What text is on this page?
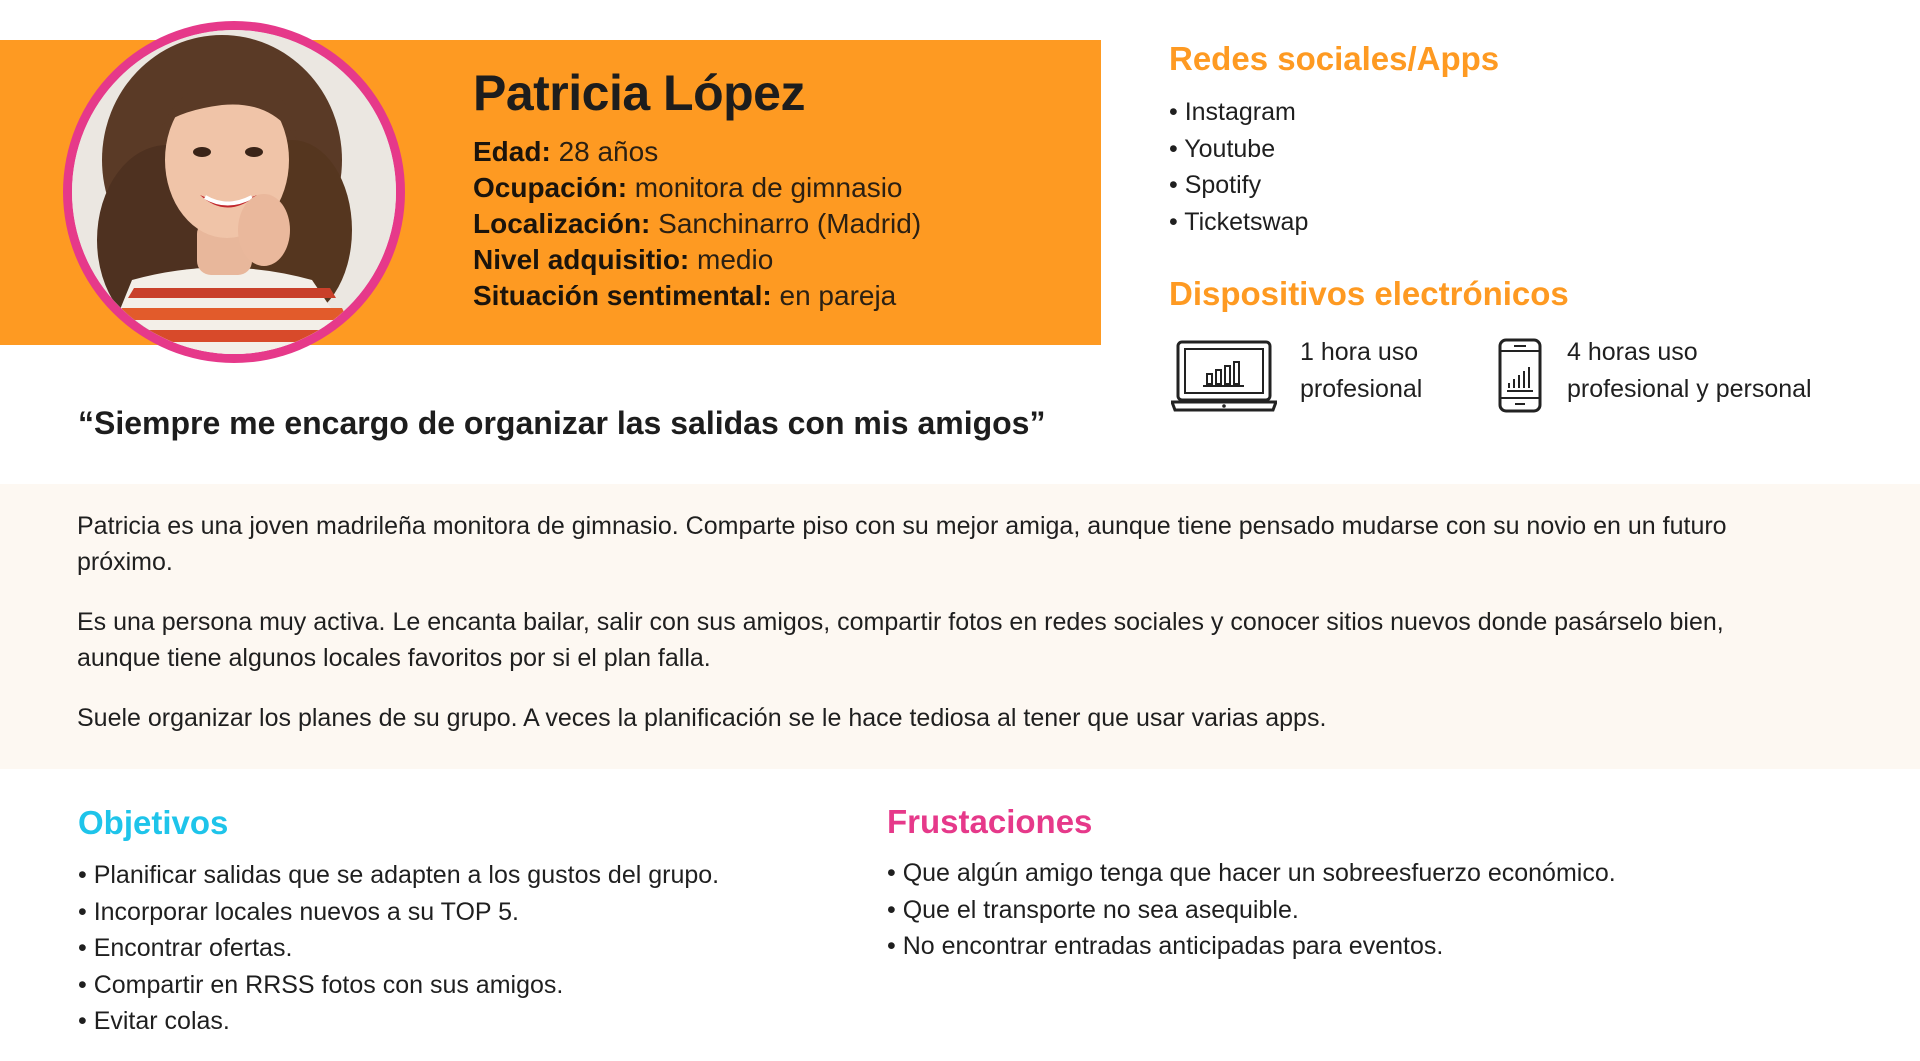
Patricia López
Edad: 28 años
Ocupación: monitora de gimnasio
Localización: Sanchinarro (Madrid)
Nivel adquisitio: medio
Situación sentimental: en pareja
“Siempre me encargo de organizar las salidas con mis amigos”
Redes sociales/Apps
• Instagram
• Youtube
• Spotify
• Ticketswap
Dispositivos electrónicos
1 hora uso
profesional
4 horas uso
profesional y personal

Patricia es una joven madrileña monitora de gimnasio. Comparte piso con su mejor amiga, aunque tiene pensado mudarse con su novio en un futuro próximo.

Es una persona muy activa. Le encanta bailar, salir con sus amigos, compartir fotos en redes sociales y conocer sitios nuevos donde pasárselo bien, aunque tiene algunos locales favoritos por si el plan falla.

Suele organizar los planes de su grupo. A veces la planificación se le hace tediosa al tener que usar varias apps.

Objetivos
• Planificar salidas que se adapten a los gustos del grupo.
• Incorporar locales nuevos a su TOP 5.
• Encontrar ofertas.
• Compartir en RRSS fotos con sus amigos.
• Evitar colas.
Frustaciones
• Que algún amigo tenga que hacer un sobreesfuerzo económico.
• Que el transporte no sea asequible.
• No encontrar entradas anticipadas para eventos.
